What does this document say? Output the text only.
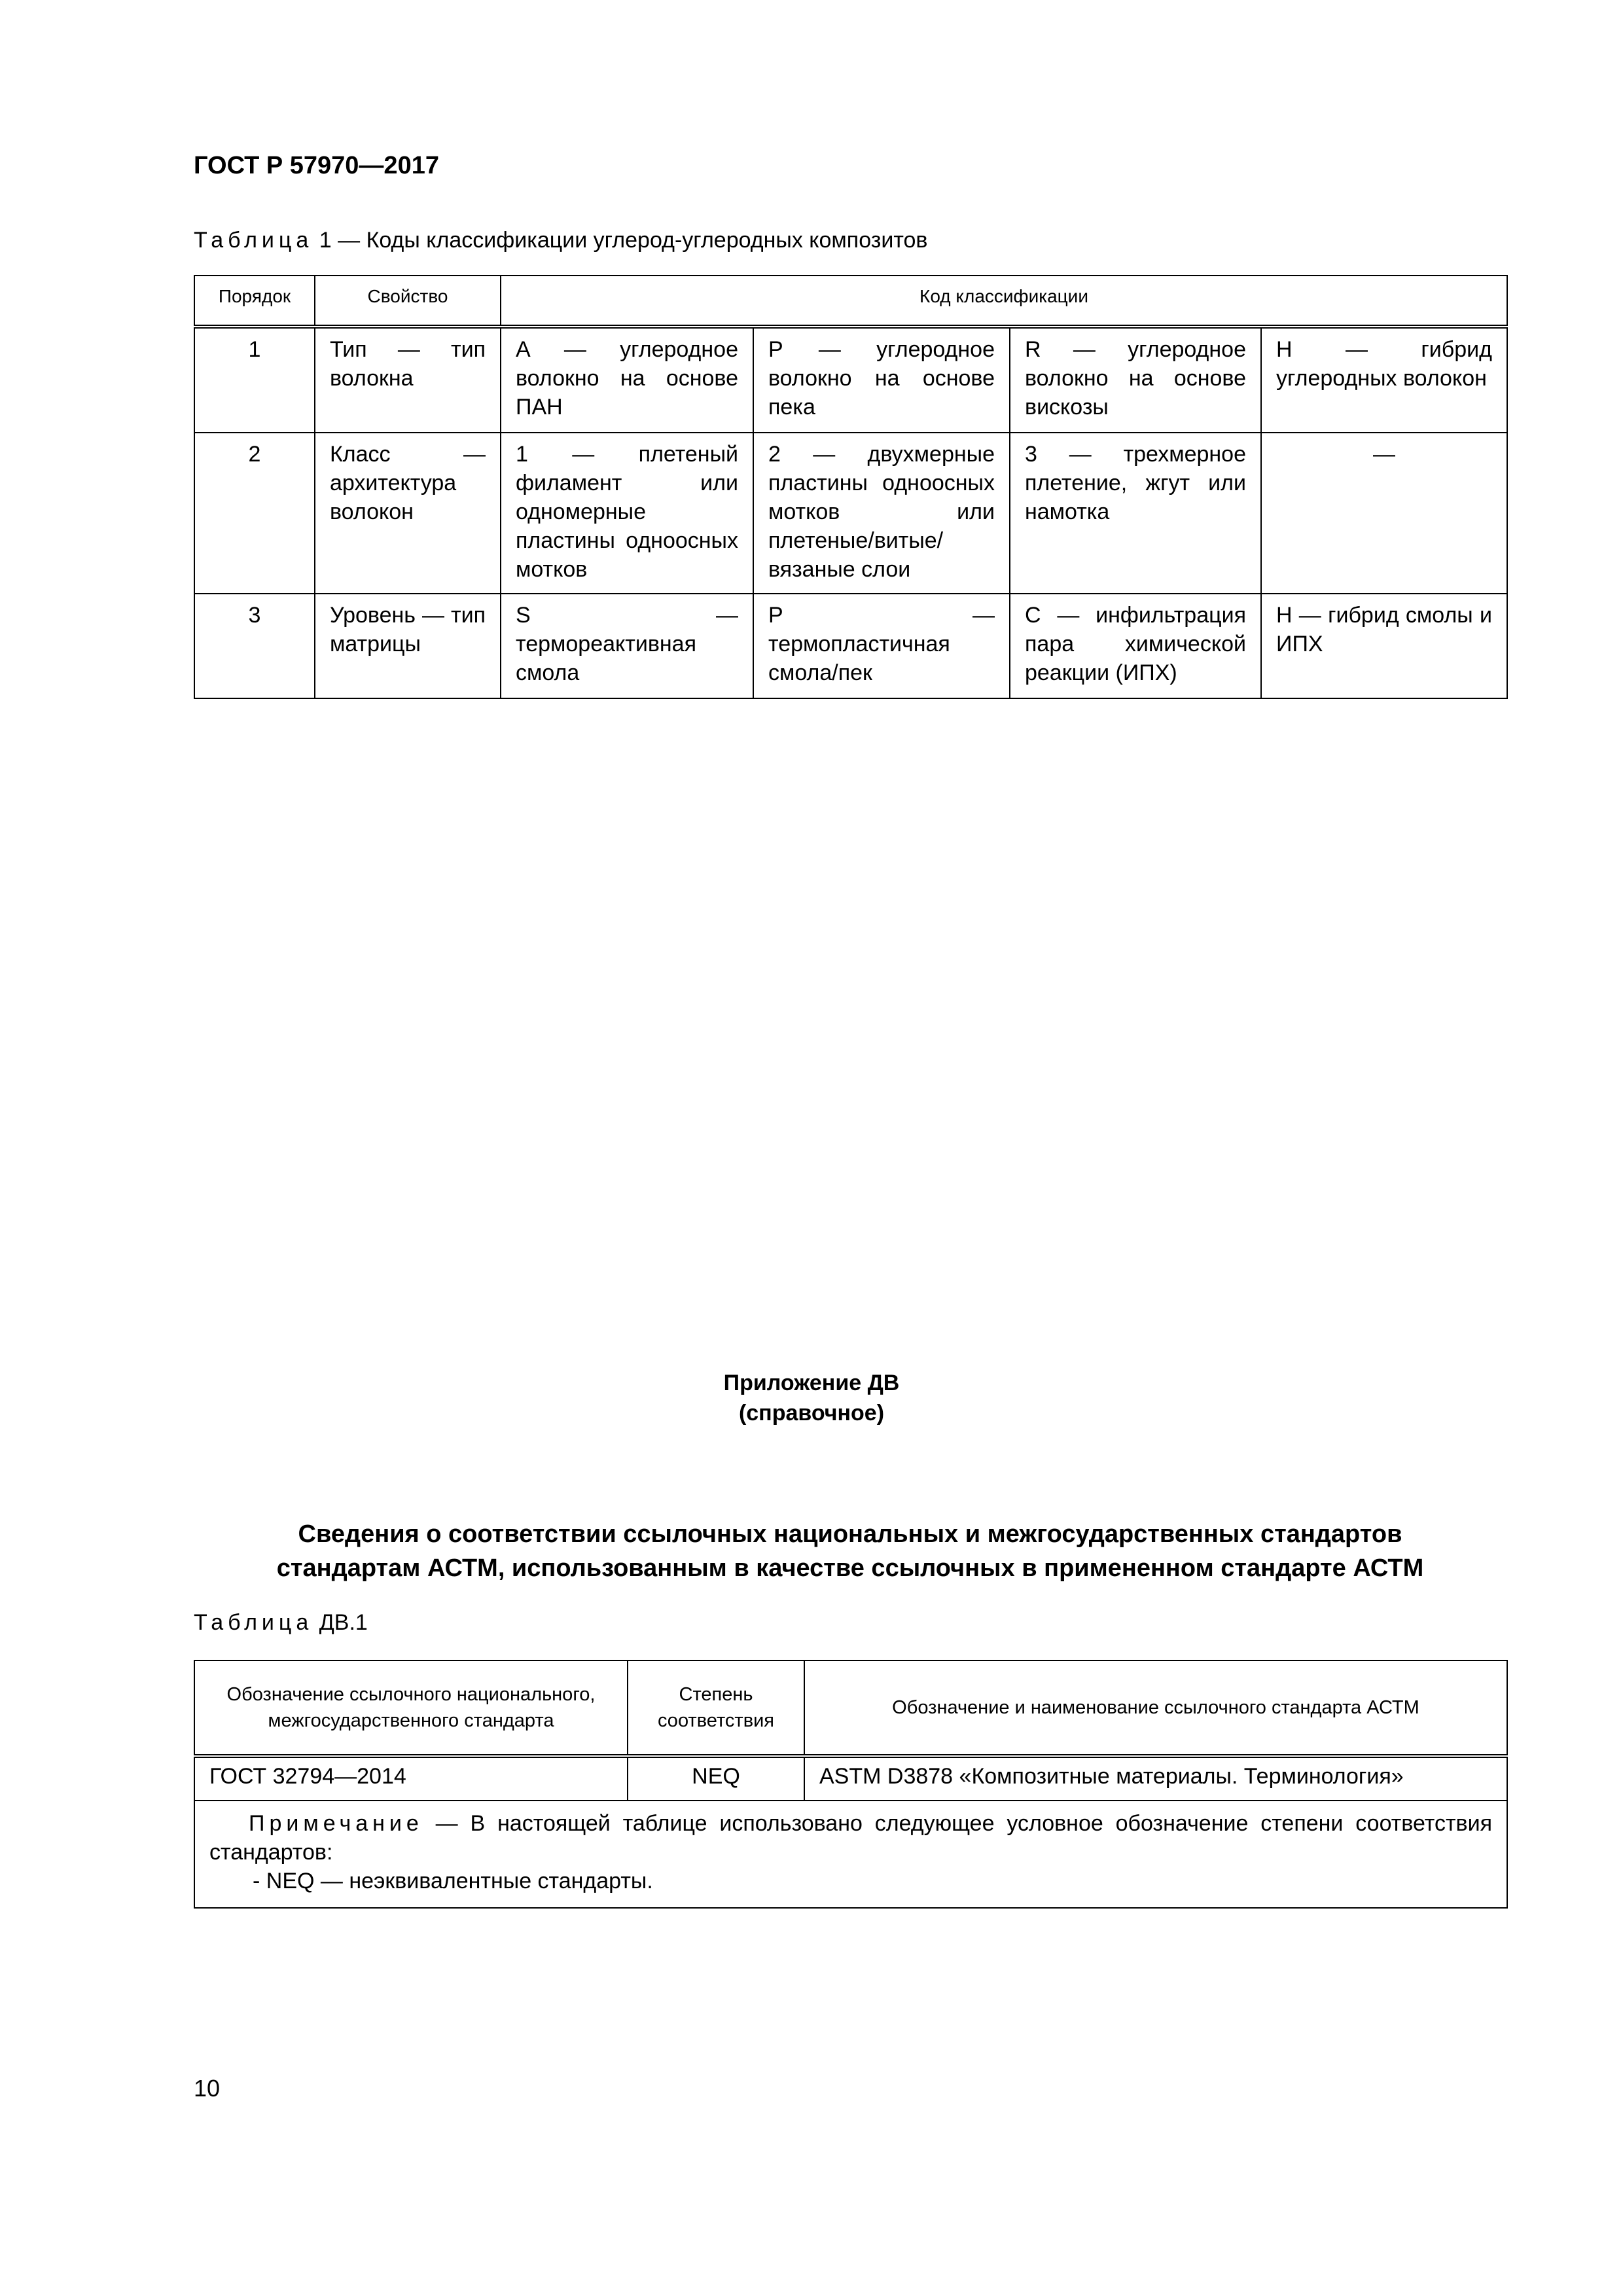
ГОСТ Р 57970—2017
Таблица 1 — Коды классификации углерод-углеродных композитов
Порядок	Свойство	Код классификации			
1	Тип — тип волокна	А — углеродное волокно на основе ПАН	Р — углеродное волокно на основе пека	R — углеродное волокно на основе вискозы	Н — гибрид углеродных волокон
2	Класс — архитектура волокон	1 — плетеный филамент или одномерные пластины одноосных мотков	2 — двухмерные пластины одноосных мотков или плетеные/витые/вязаные слои	3 — трехмерное плетение, жгут или намотка	—
3	Уровень — тип матрицы	S — термореактивная смола	Р — термопластичная смола/пек	С — инфильтрация пара химической реакции (ИПХ)	Н — гибрид смолы и ИПХ
Приложение ДВ
(справочное)
Сведения о соответствии ссылочных национальных и межгосударственных стандартов
стандартам АСТМ, использованным в качестве ссылочных в примененном стандарте АСТМ
Таблица ДВ.1
Обозначение ссылочного национального, межгосударственного стандарта	Степень соответствия	Обозначение и наименование ссылочного стандарта АСТМ
ГОСТ 32794—2014	NEQ	ASTM D3878 «Композитные материалы. Терминология»

Примечание — В настоящей таблице использовано следующее условное обозначение степени соответствия стандартов:
- NEQ — неэквивалентные стандарты.		
10
